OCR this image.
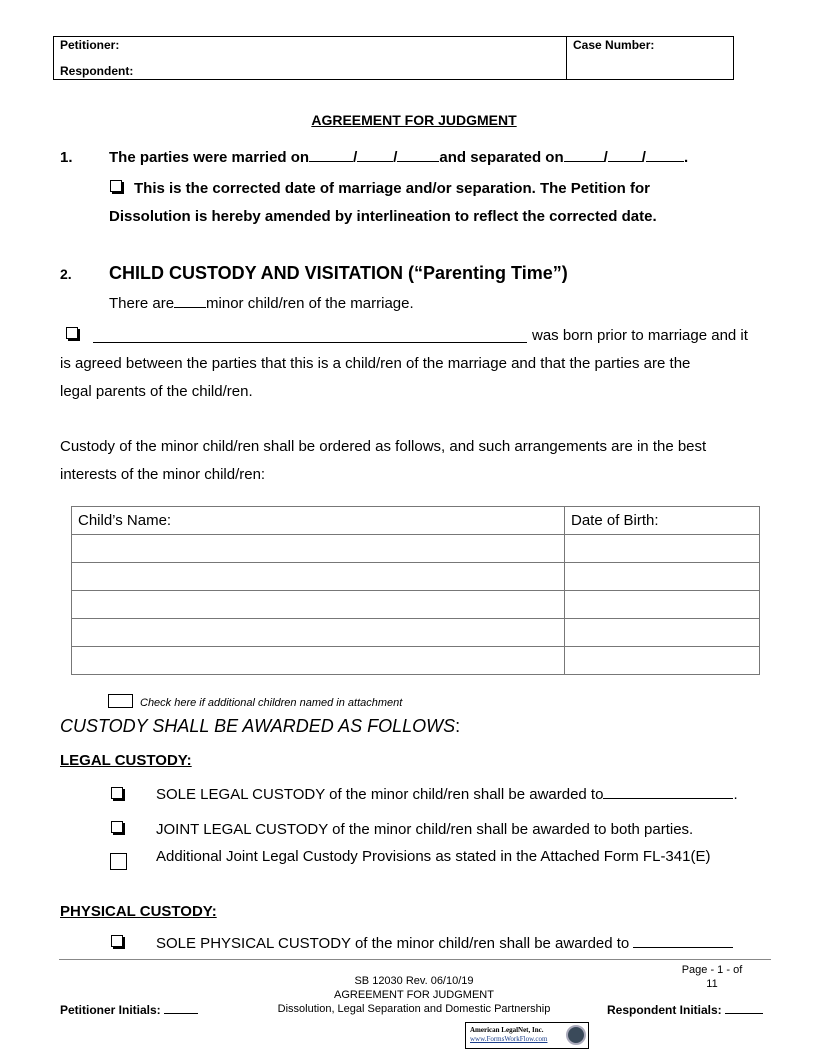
Petitioner:
Respondent:
Case Number:
AGREEMENT FOR JUDGMENT
1. The parties were married on	/ /	and separated on	/ /	.
This is the corrected date of marriage and/or separation. The Petition for
Dissolution is hereby amended by interlineation to reflect the corrected date.
2. CHILD CUSTODY AND VISITATION (“Parenting Time”)
There are minor child/ren of the marriage.
was born prior to marriage and it
is agreed between the parties that this is a child/ren of the marriage and that the parties are the
legal parents of the child/ren.
Custody of the minor child/ren shall be ordered as follows, and such arrangements are in the best
interests of the minor child/ren:
Child’s Name:	Date of Birth:

Check here if additional children named in attachment
CUSTODY SHALL BE AWARDED AS FOLLOWS:
LEGAL CUSTODY:
SOLE LEGAL CUSTODY of the minor child/ren shall be awarded to	.
JOINT LEGAL CUSTODY of the minor child/ren shall be awarded to both parties.
Additional Joint Legal Custody Provisions as stated in the Attached Form FL-341(E)
PHYSICAL CUSTODY:
SOLE PHYSICAL CUSTODY of the minor child/ren shall be awarded to
SB 12030 Rev. 06/10/19
AGREEMENT FOR JUDGMENT
Dissolution, Legal Separation and Domestic Partnership
Page - 1 - of
11
Petitioner Initials:	Respondent Initials:
American LegalNet, Inc.
www.FormsWorkFlow.com
